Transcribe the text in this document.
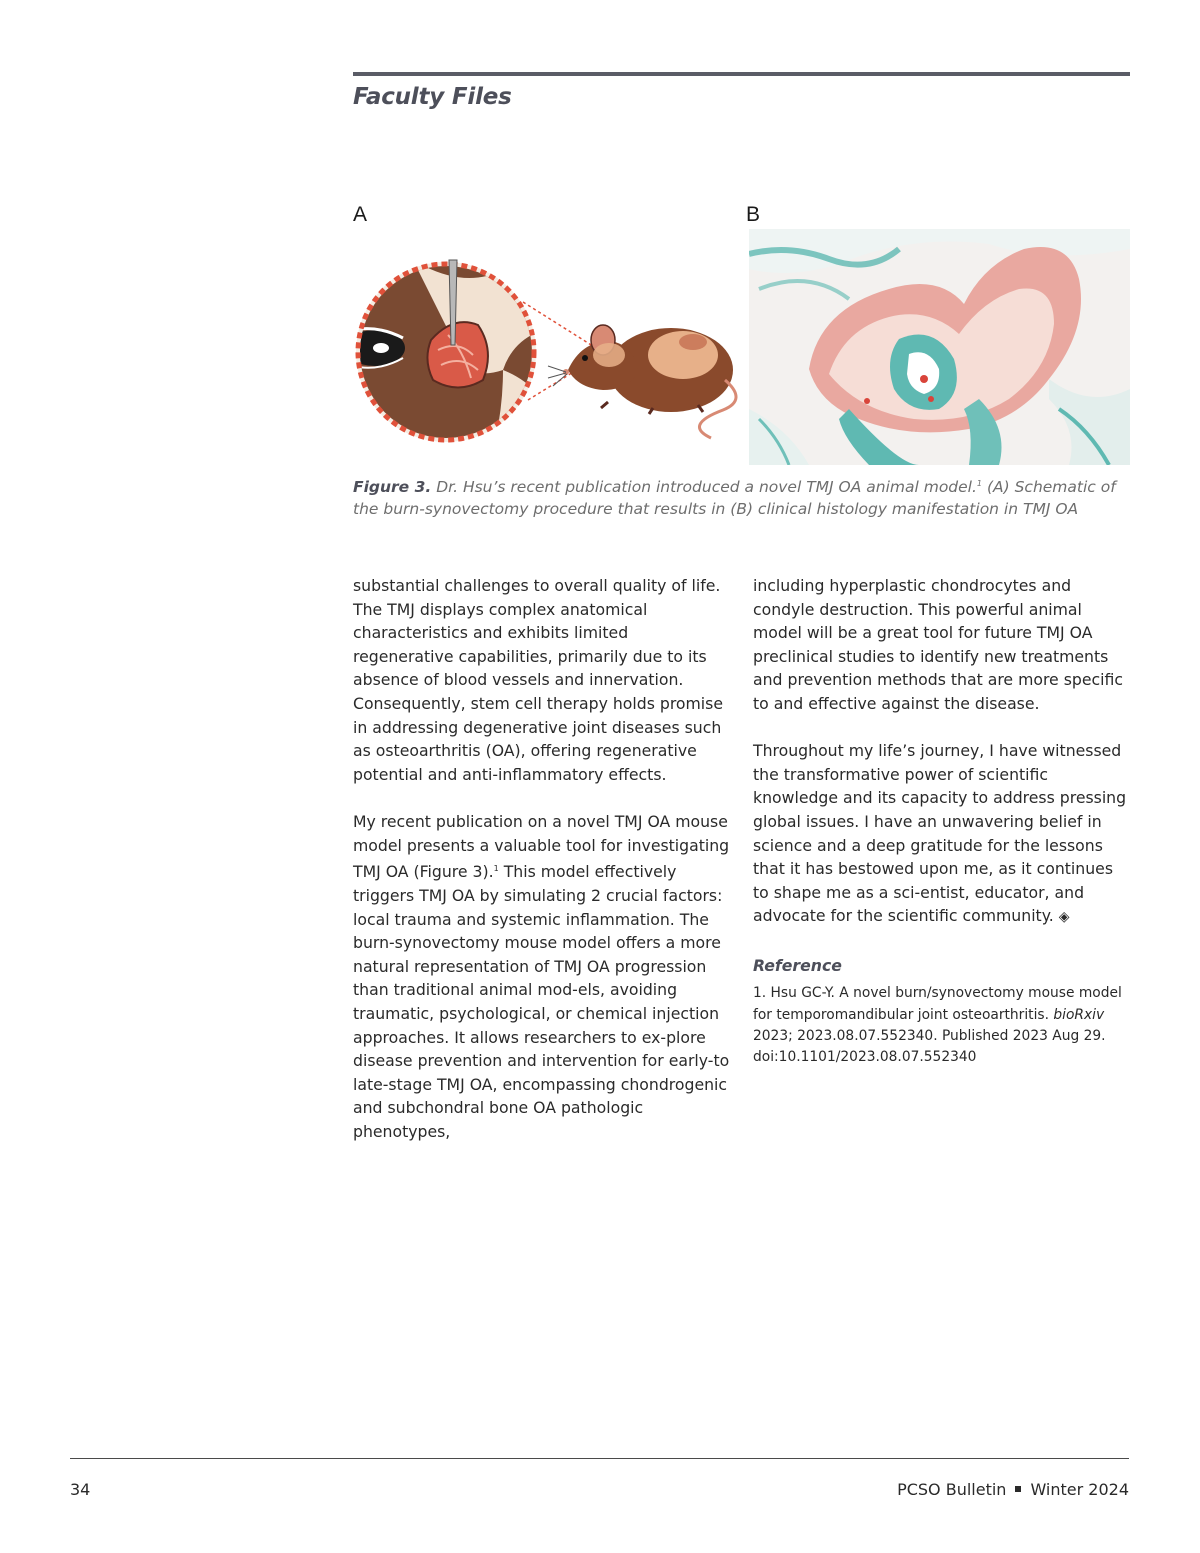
Faculty Files
A	B
Figure 3. Dr. Hsu’s recent publication introduced a novel TMJ OA animal model.$^1$ (A) Schematic of the burn-synovectomy procedure that results in (B) clinical histology manifestation in TMJ OA

substantial challenges to overall quality of life. The TMJ displays complex anatomical characteristics and exhibits limited regenerative capabilities, primarily due to its absence of blood vessels and innervation. Consequently, stem cell therapy holds promise in addressing degenerative joint diseases such as osteoarthritis (OA), offering regenerative potential and anti-inflammatory effects.

My recent publication on a novel TMJ OA mouse model presents a valuable tool for investigating TMJ OA (Figure 3).$^1$ This model effectively triggers TMJ OA by simulating 2 crucial factors: local trauma and systemic inflammation. The burn-synovectomy mouse model offers a more natural representation of TMJ OA progression than traditional animal mod-els, avoiding traumatic, psychological, or chemical injection approaches. It allows researchers to ex-plore disease prevention and intervention for early-to late-stage TMJ OA, encompassing chondrogenic and subchondral bone OA pathologic phenotypes,

including hyperplastic chondrocytes and condyle destruction. This powerful animal model will be a great tool for future TMJ OA preclinical studies to identify new treatments and prevention methods that are more specific to and effective against the disease.

Throughout my life’s journey, I have witnessed the transformative power of scientific knowledge and its capacity to address pressing global issues. I have an unwavering belief in science and a deep gratitude for the lessons that it has bestowed upon me, as it continues to shape me as a sci-entist, educator, and advocate for the scientific community. ◈

Reference

1. Hsu GC-Y. A novel burn/synovectomy mouse model for temporomandibular joint osteoarthritis. bioRxiv 2023; 2023.08.07.552340. Published 2023 Aug 29. doi:10.1101/2023.08.07.552340

34	PCSO Bulletin Winter 2024
